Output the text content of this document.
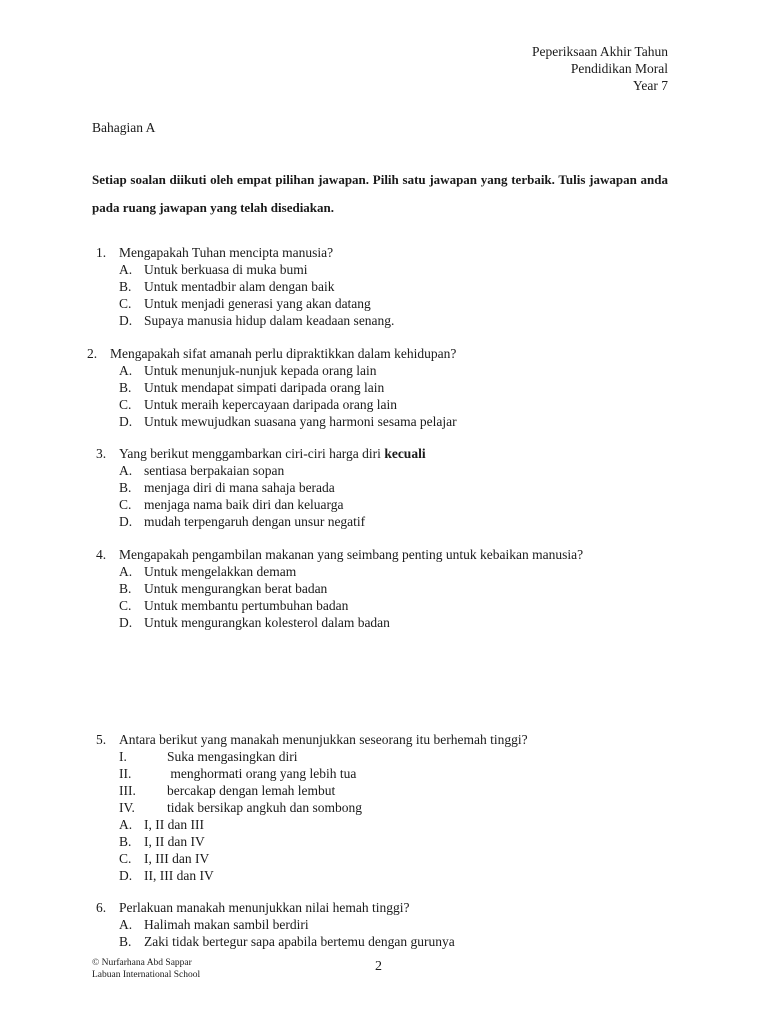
Peperiksaan Akhir Tahun
Pendidikan Moral
Year 7
Bahagian A
Setiap soalan diikuti oleh empat pilihan jawapan. Pilih satu jawapan yang terbaik. Tulis jawapan anda pada ruang jawapan yang telah disediakan.
1. Mengapakah Tuhan mencipta manusia?
A. Untuk berkuasa di muka bumi
B. Untuk mentadbir alam dengan baik
C. Untuk menjadi generasi yang akan datang
D. Supaya manusia hidup dalam keadaan senang.
2. Mengapakah sifat amanah perlu dipraktikkan dalam kehidupan?
A. Untuk menunjuk-nunjuk kepada orang lain
B. Untuk mendapat simpati daripada orang lain
C. Untuk meraih kepercayaan daripada orang lain
D. Untuk mewujudkan suasana yang harmoni sesama pelajar
3. Yang berikut menggambarkan ciri-ciri harga diri kecuali
A. sentiasa berpakaian sopan
B. menjaga diri di mana sahaja berada
C. menjaga nama baik diri dan keluarga
D. mudah terpengaruh dengan unsur negatif
4. Mengapakah pengambilan makanan yang seimbang penting untuk kebaikan manusia?
A. Untuk mengelakkan demam
B. Untuk mengurangkan berat badan
C. Untuk membantu pertumbuhan badan
D. Untuk mengurangkan kolesterol dalam badan
5. Antara berikut yang manakah menunjukkan seseorang itu berhemah tinggi?
I.	Suka mengasingkan diri
II.	menghormati orang yang lebih tua
III.	bercakap dengan lemah lembut
IV.	tidak bersikap angkuh dan sombong
A. I, II dan III
B. I, II dan IV
C. I, III dan IV
D. II, III dan IV
6. Perlakuan manakah menunjukkan nilai hemah tinggi?
A. Halimah makan sambil berdiri
B. Zaki tidak bertegur sapa apabila bertemu dengan gurunya
© Nurfarhana Abd Sappar
Labuan International School
2
